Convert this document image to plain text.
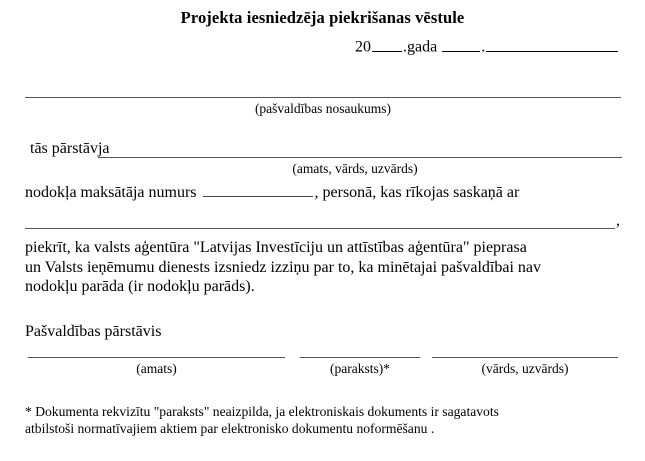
Projekta iesniedzēja piekrišanas vēstule
20 .gada	.
(pašvaldības nosaukums)
tās pārstāvja
(amats, vārds, uzvārds)
nodokļa maksātāja numurs	, personā, kas rīkojas saskaņā ar
,
piekrīt, ka valsts aģentūra "Latvijas Investīciju un attīstības aģentūra" pieprasa
un Valsts ieņēmumu dienests izsniedz izziņu par to, ka minētajai pašvaldībai nav
nodokļu parāda (ir nodokļu parāds).
Pašvaldības pārstāvis
(amats)	(paraksts)*	(vārds, uzvārds)
* Dokumenta rekvizītu "paraksts" neaizpilda, ja elektroniskais dokuments ir sagatavots
atbilstoši normatīvajiem aktiem par elektronisko dokumentu noformēšanu .
